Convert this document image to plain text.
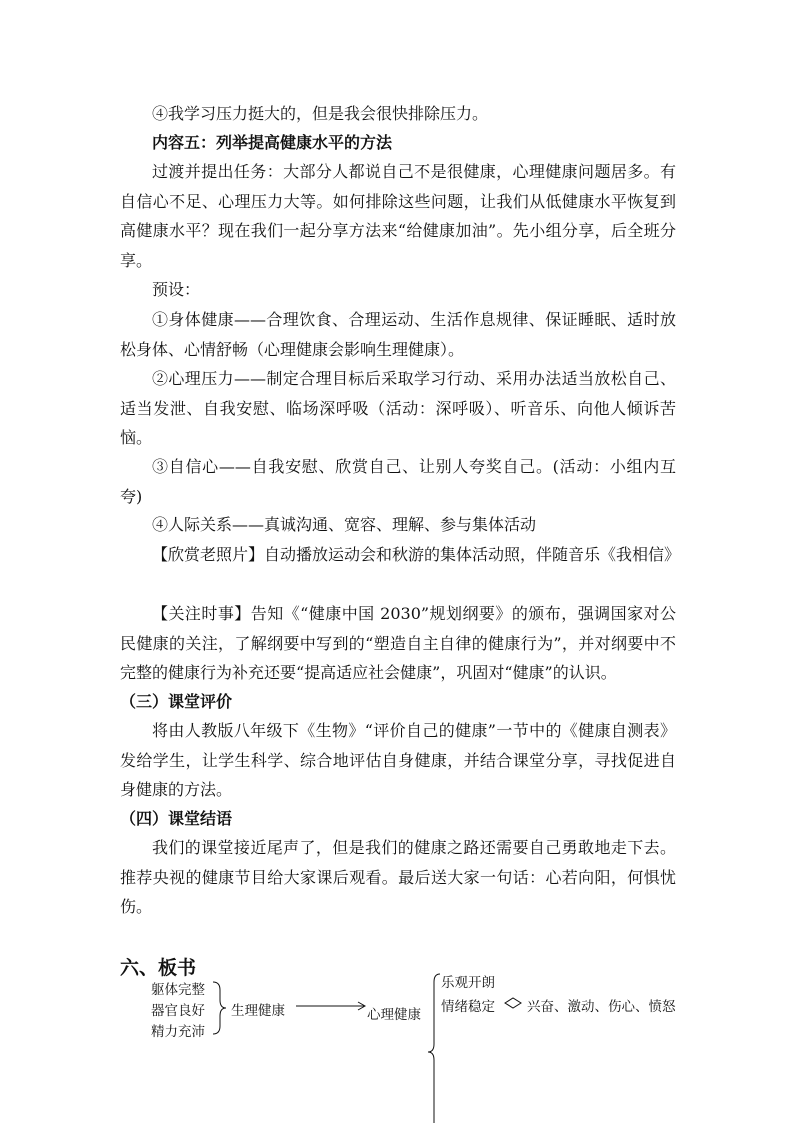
④我学习压力挺大的，但是我会很快排除压力。

内容五：列举提高健康水平的方法

过渡并提出任务：大部分人都说自己不是很健康，心理健康问题居多。有自信心不足、心理压力大等。如何排除这些问题，让我们从低健康水平恢复到高健康水平？现在我们一起分享方法来“给健康加油”。先小组分享，后全班分享。

预设：

①身体健康——合理饮食、合理运动、生活作息规律、保证睡眠、适时放松身体、心情舒畅（心理健康会影响生理健康）。

②心理压力——制定合理目标后采取学习行动、采用办法适当放松自己、适当发泄、自我安慰、临场深呼吸（活动：深呼吸）、听音乐、向他人倾诉苦恼。

③自信心——自我安慰、欣赏自己、让别人夸奖自己。(活动：小组内互夸)

④人际关系——真诚沟通、宽容、理解、参与集体活动

【欣赏老照片】自动播放运动会和秋游的集体活动照，伴随音乐《我相信》

【关注时事】告知《“健康中国 2030”规划纲要》的颁布，强调国家对公民健康的关注，了解纲要中写到的“塑造自主自律的健康行为”，并对纲要中不完整的健康行为补充还要“提高适应社会健康”，巩固对“健康”的认识。

（三）课堂评价

将由人教版八年级下《生物》“评价自己的健康”一节中的《健康自测表》发给学生，让学生科学、综合地评估自身健康，并结合课堂分享，寻找促进自身健康的方法。

（四）课堂结语

我们的课堂接近尾声了，但是我们的健康之路还需要自己勇敢地走下去。推荐央视的健康节目给大家课后观看。最后送大家一句话：心若向阳，何惧忧伤。

六、板书

躯体完整
器官良好
精力充沛
生理健康	心理健康
乐观开朗
情绪稳定 兴奋、激动、伤心、愤怒
